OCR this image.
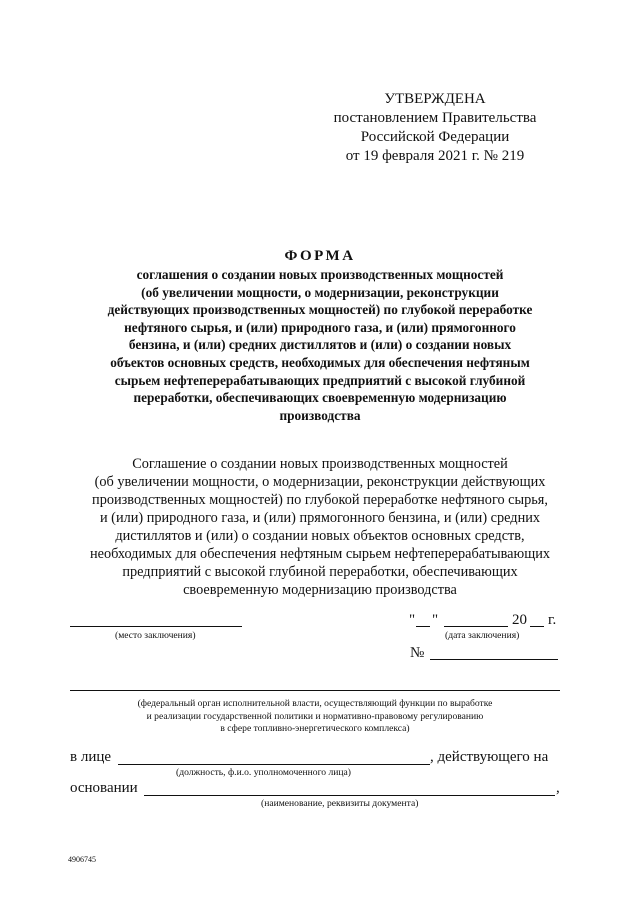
УТВЕРЖДЕНА
постановлением Правительства
Российской Федерации
от 19 февраля 2021 г. № 219
ФОРМА
соглашения о создании новых производственных мощностей
(об увеличении мощности, о модернизации, реконструкции
действующих производственных мощностей) по глубокой переработке
нефтяного сырья, и (или) природного газа, и (или) прямогонного
бензина, и (или) средних дистиллятов и (или) о создании новых
объектов основных средств, необходимых для обеспечения нефтяным
сырьем нефтеперерабатывающих предприятий с высокой глубиной
переработки, обеспечивающих своевременную модернизацию
производства
Соглашение о создании новых производственных мощностей
(об увеличении мощности, о модернизации, реконструкции действующих
производственных мощностей) по глубокой переработке нефтяного сырья,
и (или) природного газа, и (или) прямогонного бензина, и (или) средних
дистиллятов и (или) о создании новых объектов основных средств,
необходимых для обеспечения нефтяным сырьем нефтеперерабатывающих
предприятий с высокой глубиной переработки, обеспечивающих
своевременную модернизацию производства
(место заключения)
" "	20 г.
(дата заключения)
№
(федеральный орган исполнительной власти, осуществляющий функции по выработке
и реализации государственной политики и нормативно-правовому регулированию
в сфере топливно-энергетического комплекса)
в лице	, действующего на
(должность, ф.и.о. уполномоченного лица)
основании	,
(наименование, реквизиты документа)
4906745
